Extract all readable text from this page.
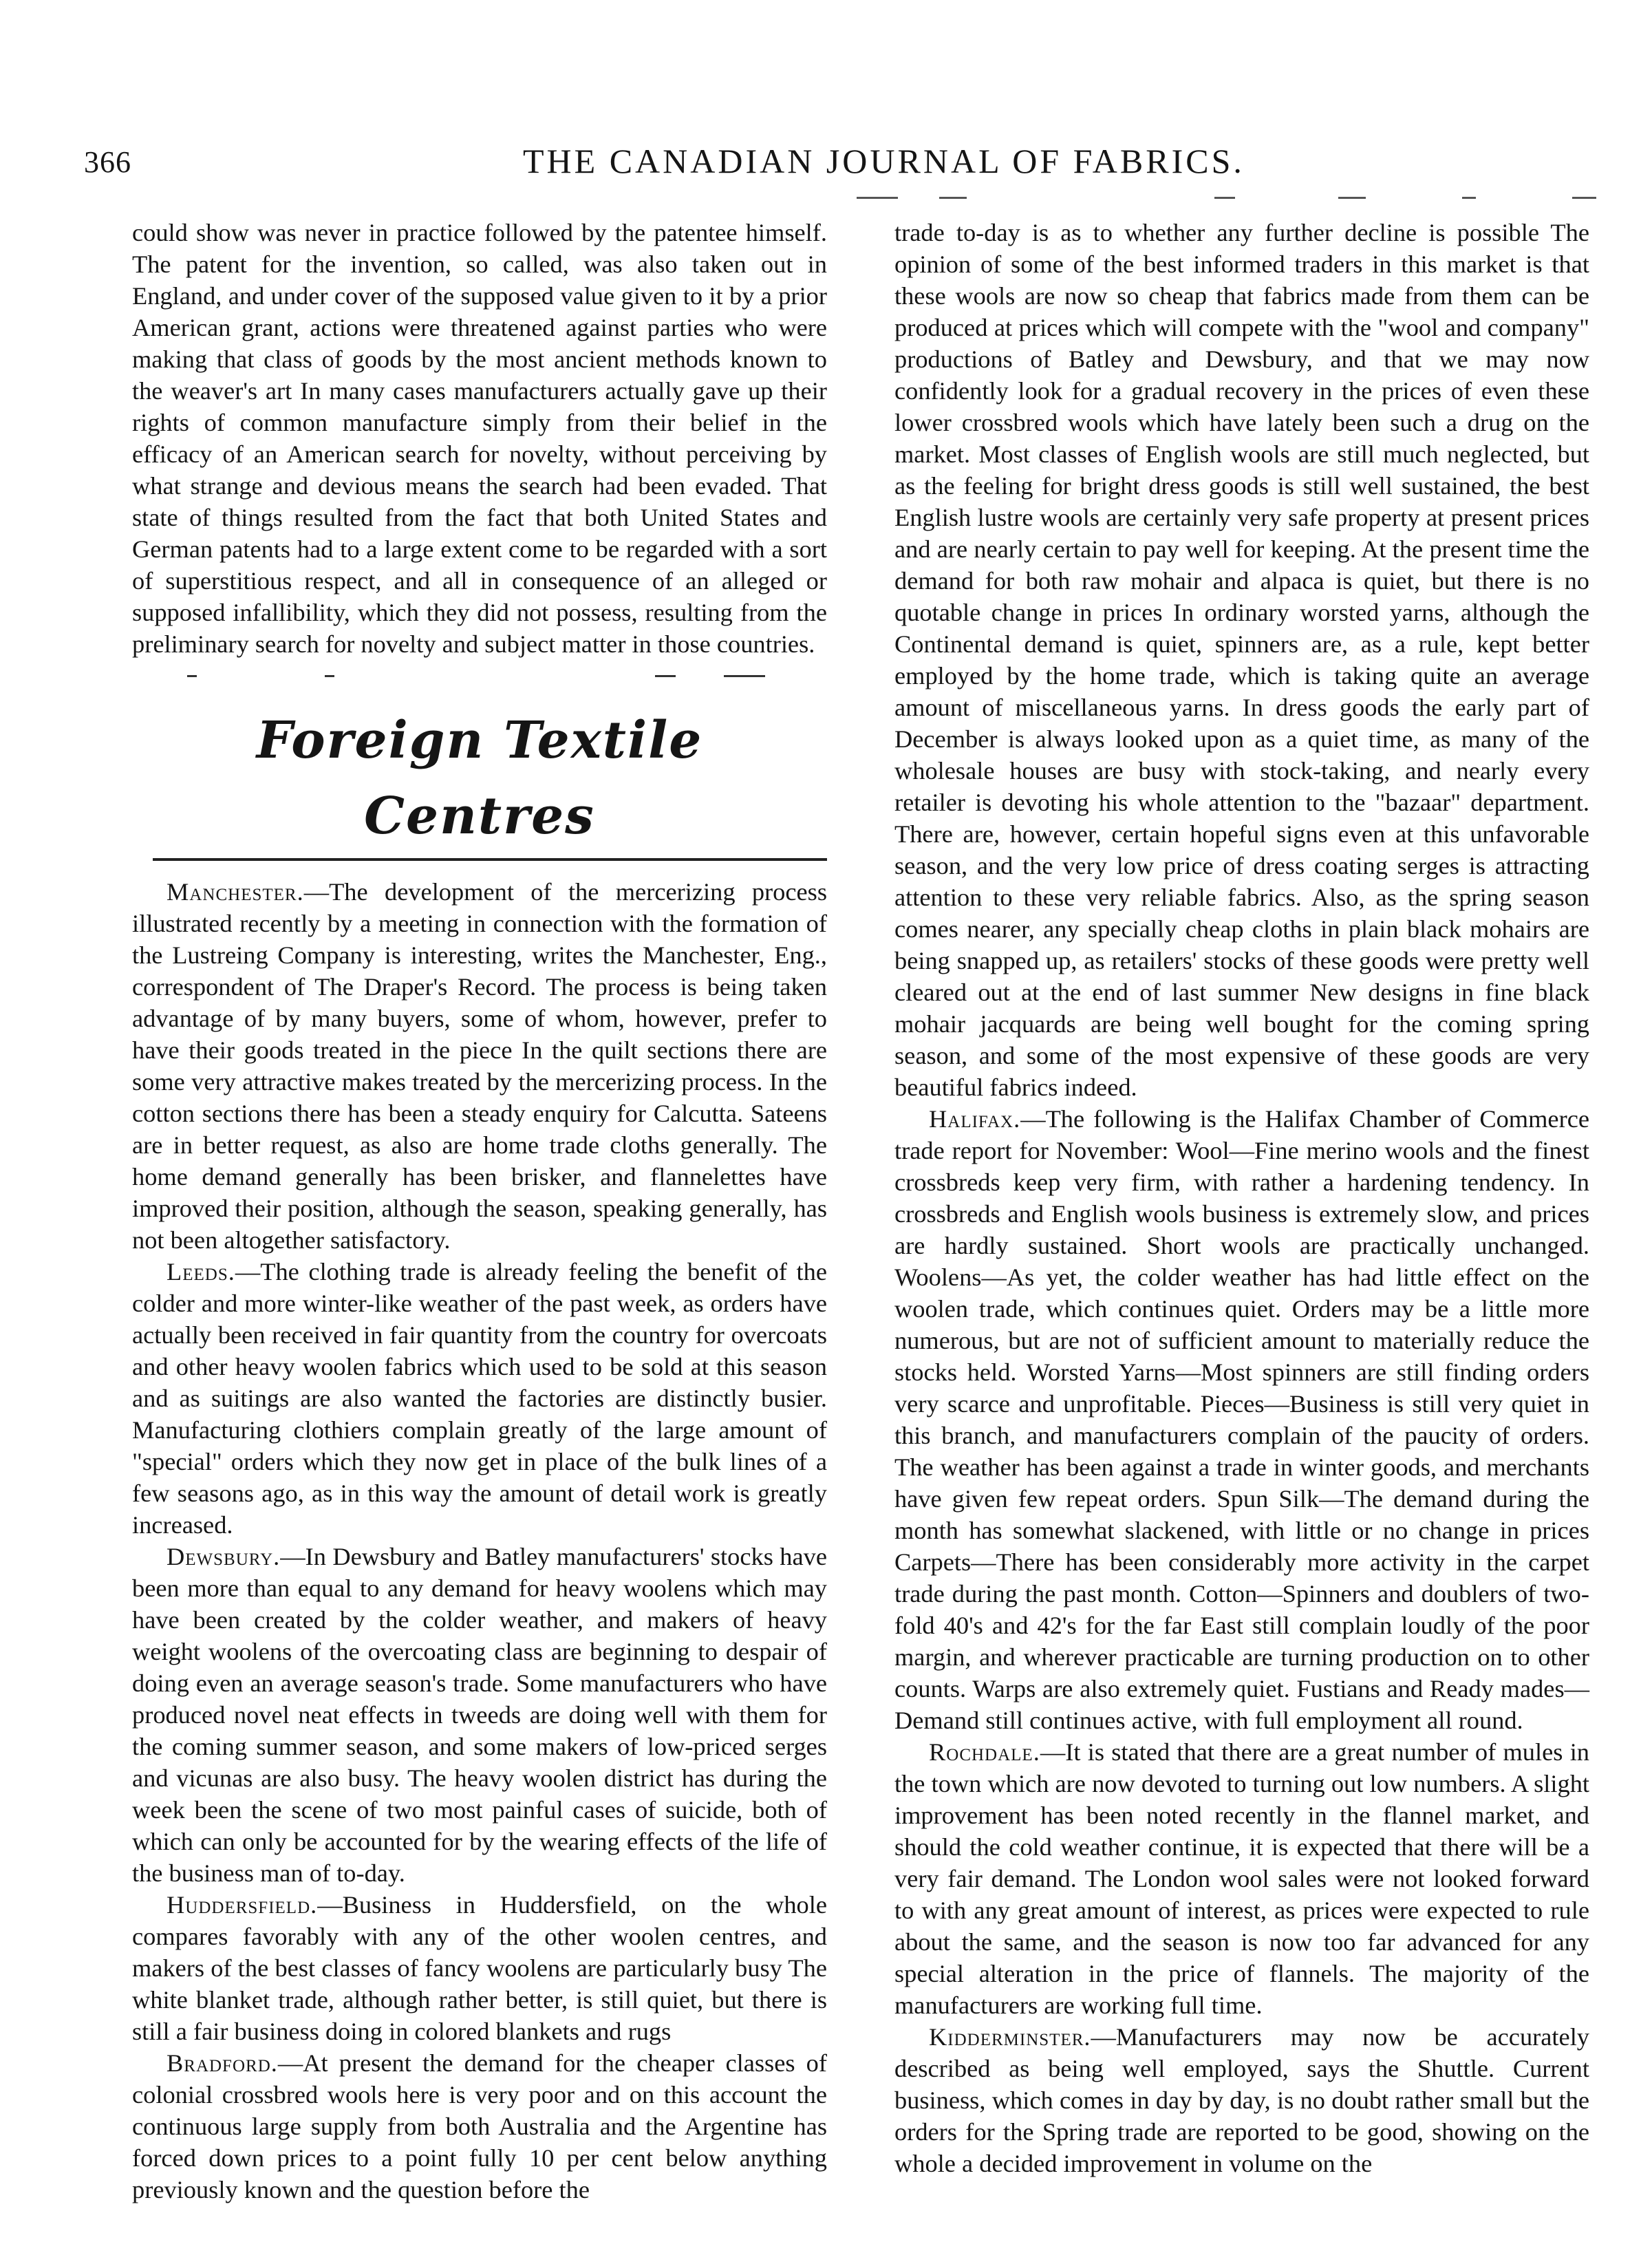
366	THE CANADIAN JOURNAL OF FABRICS.

could show was never in practice followed by the patentee himself. The patent for the invention, so called, was also taken out in England, and under cover of the supposed value given to it by a prior American grant, actions were threatened against parties who were making that class of goods by the most ancient methods known to the weaver's art In many cases manufacturers actually gave up their rights of common manufacture simply from their belief in the efficacy of an American search for novelty, without perceiving by what strange and devious means the search had been evaded. That state of things resulted from the fact that both United States and German patents had to a large extent come to be regarded with a sort of superstitious respect, and all in consequence of an alleged or supposed infallibility, which they did not possess, resulting from the preliminary search for novelty and subject matter in those countries.

Foreign Textile Centres

Manchester.—The development of the mercerizing process illustrated recently by a meeting in connection with the formation of the Lustreing Company is interesting, writes the Manchester, Eng., correspondent of The Draper's Record. The process is being taken advantage of by many buyers, some of whom, however, prefer to have their goods treated in the piece In the quilt sections there are some very attractive makes treated by the mercerizing process. In the cotton sections there has been a steady enquiry for Calcutta. Sateens are in better request, as also are home trade cloths generally. The home demand generally has been brisker, and flannelettes have improved their position, although the season, speaking generally, has not been altogether satisfactory.

Leeds.—The clothing trade is already feeling the benefit of the colder and more winter-like weather of the past week, as orders have actually been received in fair quantity from the country for overcoats and other heavy woolen fabrics which used to be sold at this season and as suitings are also wanted the factories are distinctly busier. Manufacturing clothiers complain greatly of the large amount of "special" orders which they now get in place of the bulk lines of a few seasons ago, as in this way the amount of detail work is greatly increased.

Dewsbury.—In Dewsbury and Batley manufacturers' stocks have been more than equal to any demand for heavy woolens which may have been created by the colder weather, and makers of heavy weight woolens of the overcoating class are beginning to despair of doing even an average season's trade. Some manufacturers who have produced novel neat effects in tweeds are doing well with them for the coming summer season, and some makers of low-priced serges and vicunas are also busy. The heavy woolen district has during the week been the scene of two most painful cases of suicide, both of which can only be accounted for by the wearing effects of the life of the business man of to-day.

Huddersfield.—Business in Huddersfield, on the whole compares favorably with any of the other woolen centres, and makers of the best classes of fancy woolens are particularly busy The white blanket trade, although rather better, is still quiet, but there is still a fair business doing in colored blankets and rugs

Bradford.—At present the demand for the cheaper classes of colonial crossbred wools here is very poor and on this account the continuous large supply from both Australia and the Argentine has forced down prices to a point fully 10 per cent below anything previously known and the question before the

trade to-day is as to whether any further decline is possible The opinion of some of the best informed traders in this market is that these wools are now so cheap that fabrics made from them can be produced at prices which will compete with the "wool and company" productions of Batley and Dewsbury, and that we may now confidently look for a gradual recovery in the prices of even these lower crossbred wools which have lately been such a drug on the market. Most classes of English wools are still much neglected, but as the feeling for bright dress goods is still well sustained, the best English lustre wools are certainly very safe property at present prices and are nearly certain to pay well for keeping. At the present time the demand for both raw mohair and alpaca is quiet, but there is no quotable change in prices In ordinary worsted yarns, although the Continental demand is quiet, spinners are, as a rule, kept better employed by the home trade, which is taking quite an average amount of miscellaneous yarns. In dress goods the early part of December is always looked upon as a quiet time, as many of the wholesale houses are busy with stock-taking, and nearly every retailer is devoting his whole attention to the "bazaar" department. There are, however, certain hopeful signs even at this unfavorable season, and the very low price of dress coating serges is attracting attention to these very reliable fabrics. Also, as the spring season comes nearer, any specially cheap cloths in plain black mohairs are being snapped up, as retailers' stocks of these goods were pretty well cleared out at the end of last summer New designs in fine black mohair jacquards are being well bought for the coming spring season, and some of the most expensive of these goods are very beautiful fabrics indeed.

Halifax.—The following is the Halifax Chamber of Commerce trade report for November: Wool—Fine merino wools and the finest crossbreds keep very firm, with rather a hardening tendency. In crossbreds and English wools business is extremely slow, and prices are hardly sustained. Short wools are practically unchanged. Woolens—As yet, the colder weather has had little effect on the woolen trade, which continues quiet. Orders may be a little more numerous, but are not of sufficient amount to materially reduce the stocks held. Worsted Yarns—Most spinners are still finding orders very scarce and unprofitable. Pieces—Business is still very quiet in this branch, and manufacturers complain of the paucity of orders. The weather has been against a trade in winter goods, and merchants have given few repeat orders. Spun Silk—The demand during the month has somewhat slackened, with little or no change in prices Carpets—There has been considerably more activity in the carpet trade during the past month. Cotton—Spinners and doublers of two-fold 40's and 42's for the far East still complain loudly of the poor margin, and wherever practicable are turning production on to other counts. Warps are also extremely quiet. Fustians and Ready mades—Demand still continues active, with full employment all round.

Rochdale.—It is stated that there are a great number of mules in the town which are now devoted to turning out low numbers. A slight improvement has been noted recently in the flannel market, and should the cold weather continue, it is expected that there will be a very fair demand. The London wool sales were not looked forward to with any great amount of interest, as prices were expected to rule about the same, and the season is now too far advanced for any special alteration in the price of flannels. The majority of the manufacturers are working full time.

Kidderminster.—Manufacturers may now be accurately described as being well employed, says the Shuttle. Current business, which comes in day by day, is no doubt rather small but the orders for the Spring trade are reported to be good, showing on the whole a decided improvement in volume on the
